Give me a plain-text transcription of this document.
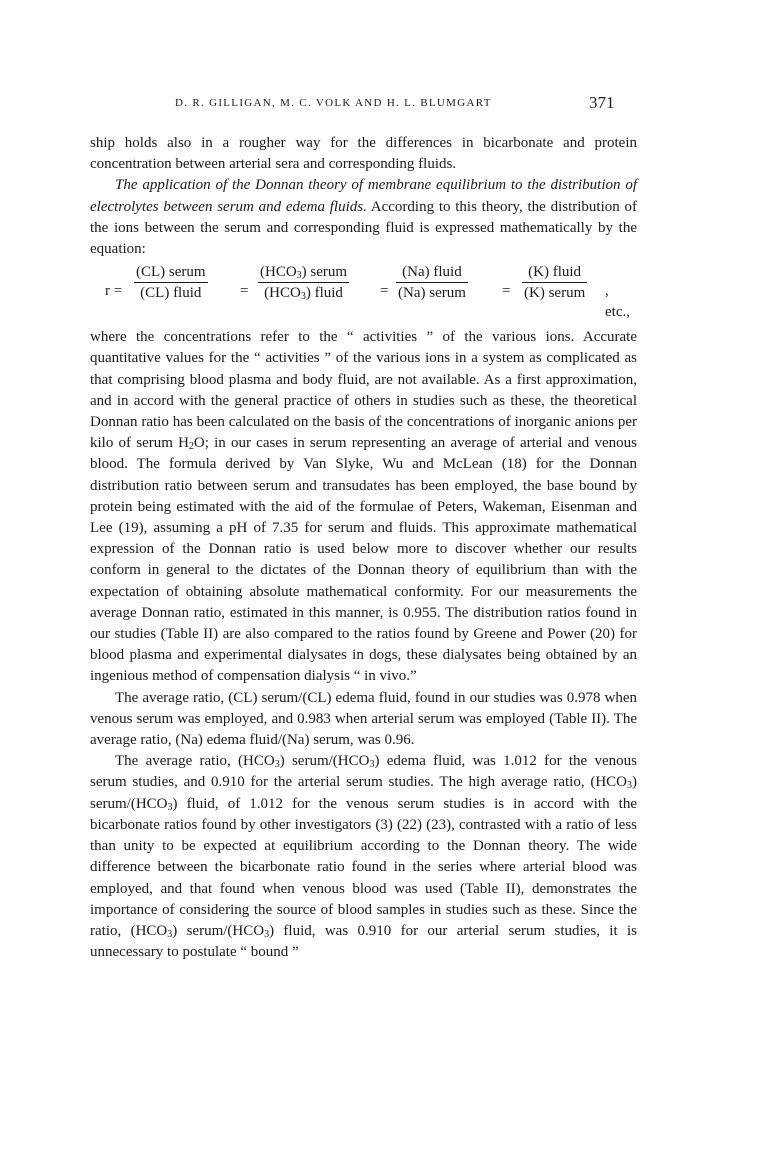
D. R. GILLIGAN, M. C. VOLK AND H. L. BLUMGART	371

ship holds also in a rougher way for the differences in bicarbonate and protein concentration between arterial sera and corresponding fluids.

The application of the Donnan theory of membrane equilibrium to the distribution of electrolytes between serum and edema fluids. According to this theory, the distribution of the ions between the serum and corresponding fluid is expressed mathematically by the equation:

r =
(CL) serum
(CL) fluid	=
$(HCO_3)$ serum
$(HCO_3)$ fluid	=
(Na) fluid
(Na) serum =
(K) fluid
(K) serum , etc.,

where the concentrations refer to the “ activities ” of the various ions. Accurate quantitative values for the “ activities ” of the various ions in a system as complicated as that comprising blood plasma and body fluid, are not available. As a first approximation, and in accord with the general practice of others in studies such as these, the theoretical Donnan ratio has been calculated on the basis of the concentrations of inorganic anions per kilo of serum $H_2O$; in our cases in serum representing an average of arterial and venous blood. The formula derived by Van Slyke, Wu and McLean (18) for the Donnan distribution ratio between serum and transudates has been employed, the base bound by protein being estimated with the aid of the formulae of Peters, Wakeman, Eisenman and Lee (19), assuming a pH of 7.35 for serum and fluids. This approximate mathematical expression of the Donnan ratio is used below more to discover whether our results conform in general to the dictates of the Donnan theory of equilibrium than with the expectation of obtaining absolute mathematical conformity. For our measurements the average Donnan ratio, estimated in this manner, is 0.955. The distribution ratios found in our studies (Table II) are also compared to the ratios found by Greene and Power (20) for blood plasma and experimental dialysates in dogs, these dialysates being obtained by an ingenious method of compensation dialysis “ in vivo.”

The average ratio, (CL) serum/(CL) edema fluid, found in our studies was 0.978 when venous serum was employed, and 0.983 when arterial serum was employed (Table II). The average ratio, (Na) edema fluid/(Na) serum, was 0.96.

The average ratio, $(HCO_3)$ serum/$(HCO_3)$ edema fluid, was 1.012 for the venous serum studies, and 0.910 for the arterial serum studies. The high average ratio, $(HCO_3)$ serum/$(HCO_3)$ fluid, of 1.012 for the venous serum studies is in accord with the bicarbonate ratios found by other investigators (3) (22) (23), contrasted with a ratio of less than unity to be expected at equilibrium according to the Donnan theory. The wide difference between the bicarbonate ratio found in the series where arterial blood was employed, and that found when venous blood was used (Table II), demonstrates the importance of considering the source of blood samples in studies such as these. Since the ratio, $(HCO_3)$ serum/$(HCO_3)$ fluid, was 0.910 for our arterial serum studies, it is unnecessary to postulate “ bound ”
